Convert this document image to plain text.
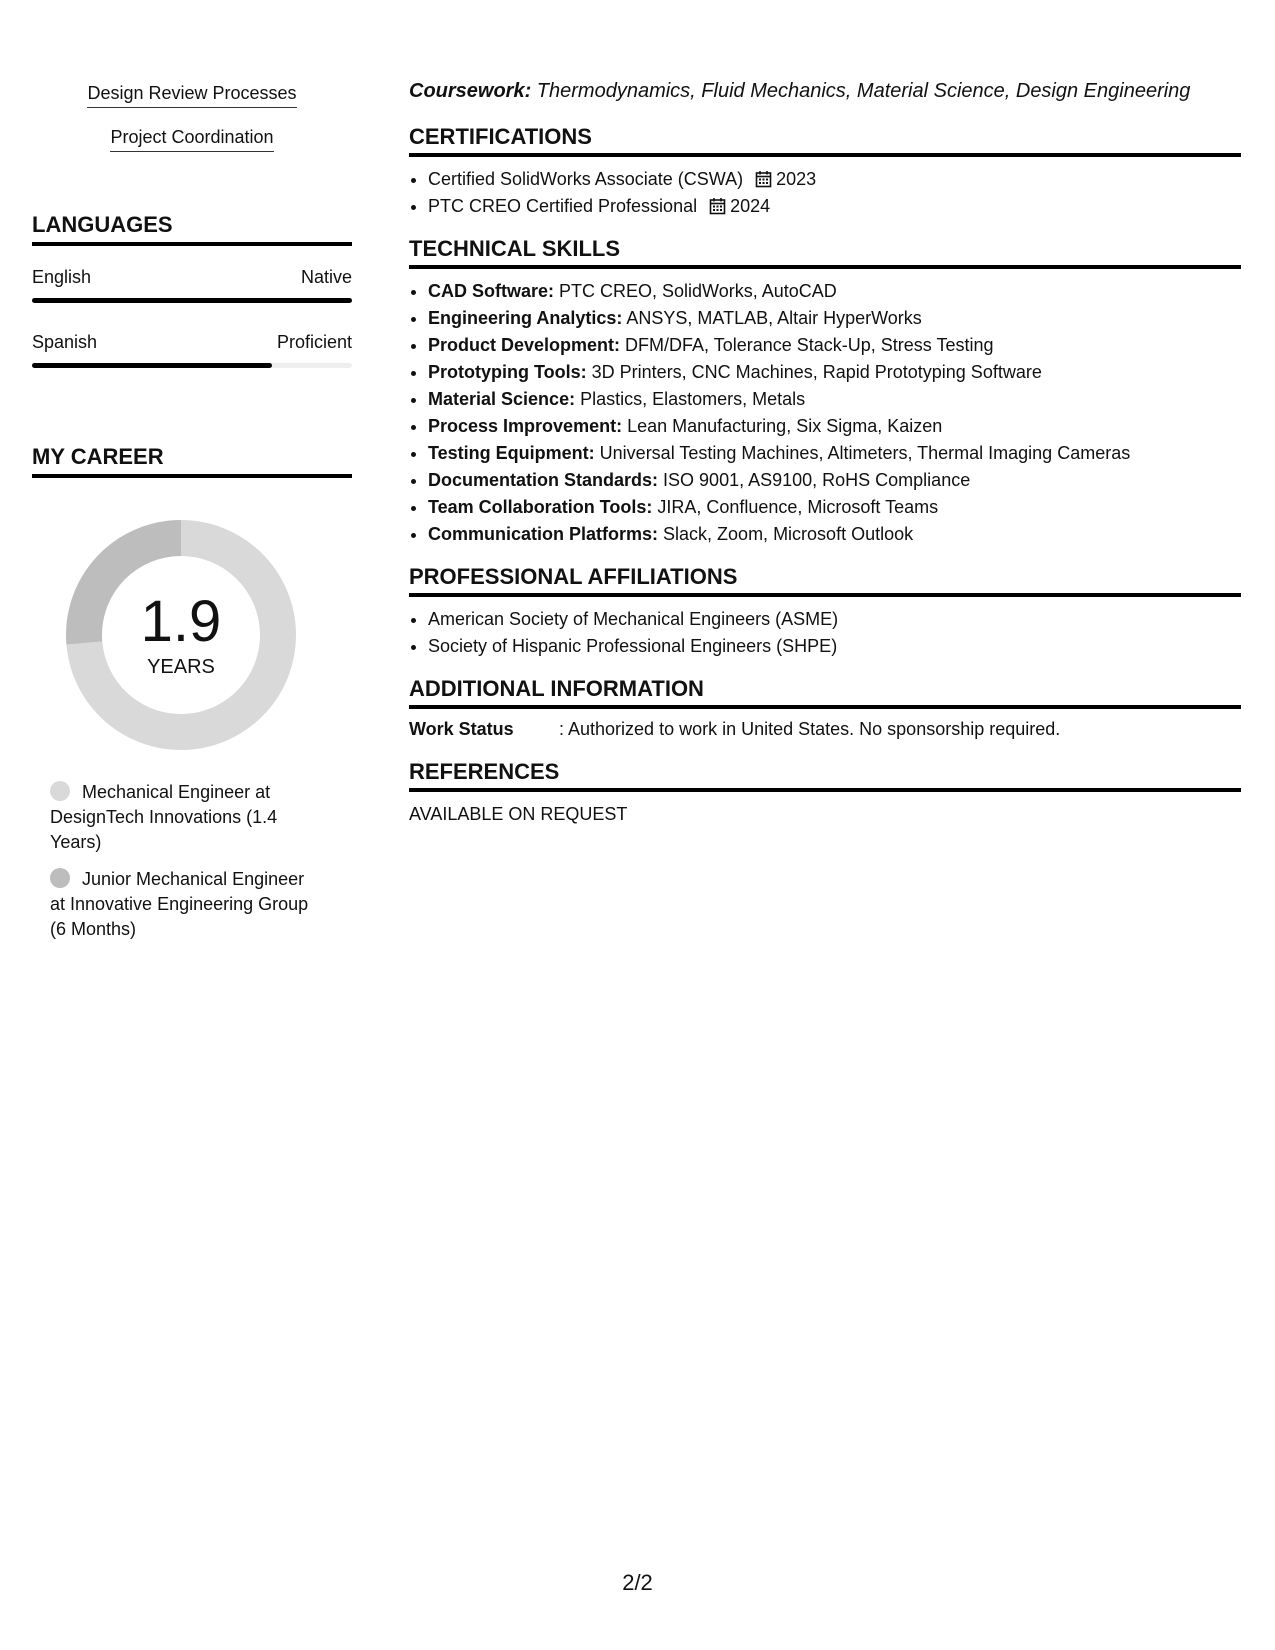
Design Review Processes
Project Coordination
LANGUAGES
English	Native
Spanish	Proficient
MY CAREER
1.9
YEARS
Mechanical Engineer at DesignTech Innovations (1.4 Years)
Junior Mechanical Engineer at Innovative Engineering Group (6 Months)

Coursework: Thermodynamics, Fluid Mechanics, Material Science, Design Engineering

CERTIFICATIONS
• Certified SolidWorks Associate (CSWA) 2023
• PTC CREO Certified Professional 2024
TECHNICAL SKILLS
• CAD Software: PTC CREO, SolidWorks, AutoCAD
• Engineering Analytics: ANSYS, MATLAB, Altair HyperWorks
• Product Development: DFM/DFA, Tolerance Stack-Up, Stress Testing
• Prototyping Tools: 3D Printers, CNC Machines, Rapid Prototyping Software
• Material Science: Plastics, Elastomers, Metals
• Process Improvement: Lean Manufacturing, Six Sigma, Kaizen
• Testing Equipment: Universal Testing Machines, Altimeters, Thermal Imaging Cameras
• Documentation Standards: ISO 9001, AS9100, RoHS Compliance
• Team Collaboration Tools: JIRA, Confluence, Microsoft Teams
• Communication Platforms: Slack, Zoom, Microsoft Outlook
PROFESSIONAL AFFILIATIONS
• American Society of Mechanical Engineers (ASME)
• Society of Hispanic Professional Engineers (SHPE)
ADDITIONAL INFORMATION
Work Status	: Authorized to work in United States. No sponsorship required.
REFERENCES
AVAILABLE ON REQUEST
2/2
